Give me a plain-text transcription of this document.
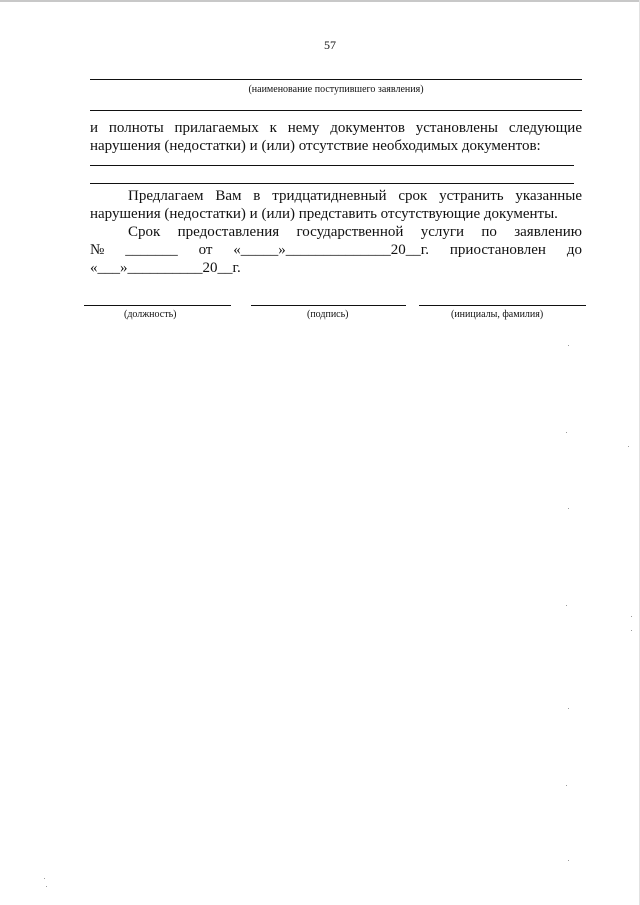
57
(наименование поступившего заявления)
и полноты прилагаемых к нему документов установлены следующие
нарушения (недостатки) и (или) отсутствие необходимых документов:
Предлагаем Вам в тридцатидневный срок устранить указанные
нарушения (недостатки) и (или) представить отсутствующие документы.
Срок предоставления государственной услуги по заявлению
№ _______ от «_____»______________20__г. приостановлен до
«___»__________20__г.
(должность)	(подпись)	(инициалы, фамилия)
